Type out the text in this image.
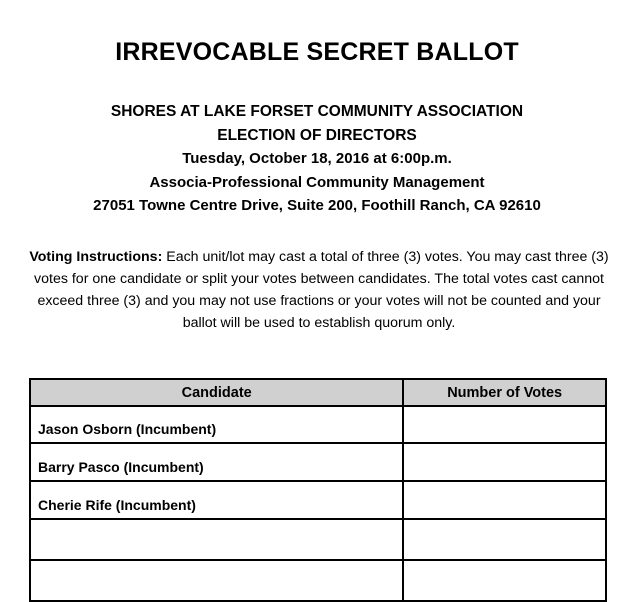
IRREVOCABLE SECRET BALLOT
SHORES AT LAKE FORSET COMMUNITY ASSOCIATION
ELECTION OF DIRECTORS
Tuesday, October 18, 2016 at 6:00p.m.
Associa-Professional Community Management
27051 Towne Centre Drive, Suite 200, Foothill Ranch, CA 92610
Voting Instructions: Each unit/lot may cast a total of three (3) votes. You may cast three (3) votes for one candidate or split your votes between candidates. The total votes cast cannot exceed three (3) and you may not use fractions or your votes will not be counted and your ballot will be used to establish quorum only.
Candidate	Number of Votes
Jason Osborn (Incumbent)	
Barry Pasco (Incumbent)	
Cherie Rife (Incumbent)	
